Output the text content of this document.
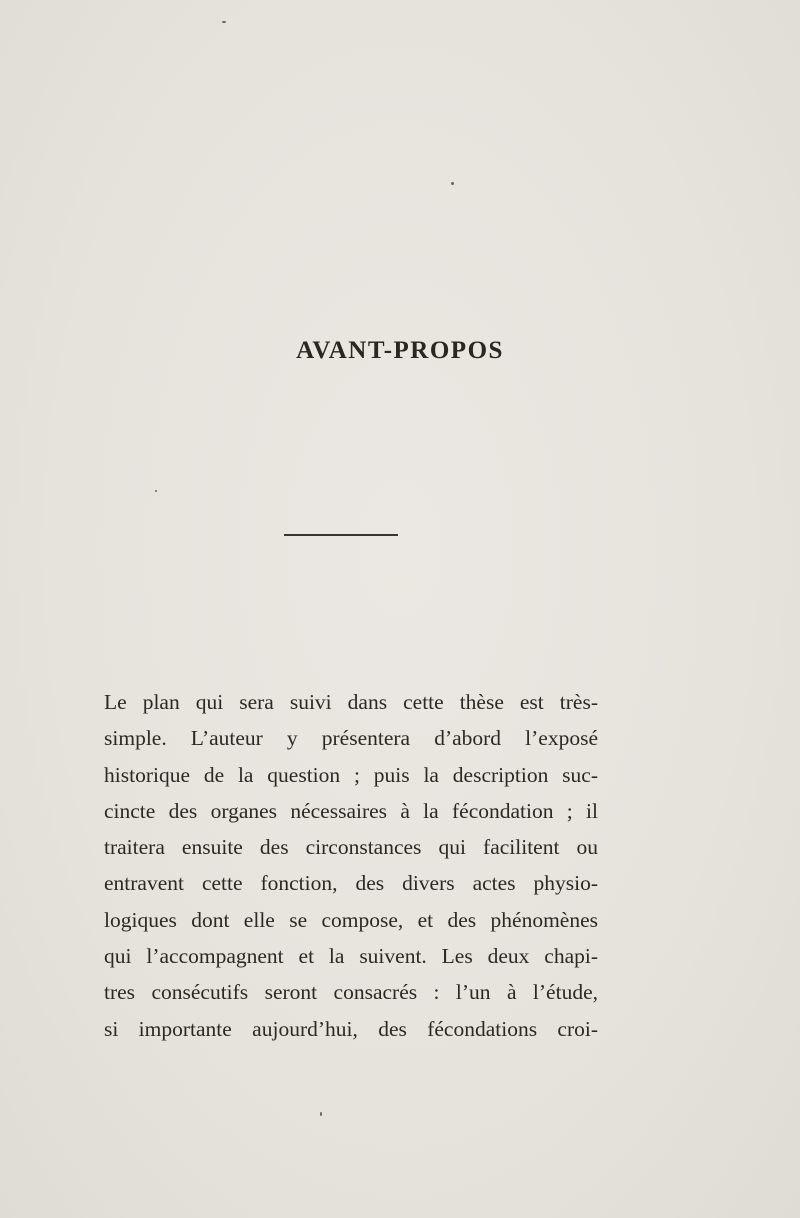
AVANT-PROPOS
Le plan qui sera suivi dans cette thèse est très-
simple. L’auteur y présentera d’abord l’exposé
historique de la question ; puis la description suc-
cincte des organes nécessaires à la fécondation ; il
traitera ensuite des circonstances qui facilitent ou
entravent cette fonction, des divers actes physio-
logiques dont elle se compose, et des phénomènes
qui l’accompagnent et la suivent. Les deux chapi-
tres consécutifs seront consacrés : l’un à l’étude,
si importante aujourd’hui, des fécondations croi-
